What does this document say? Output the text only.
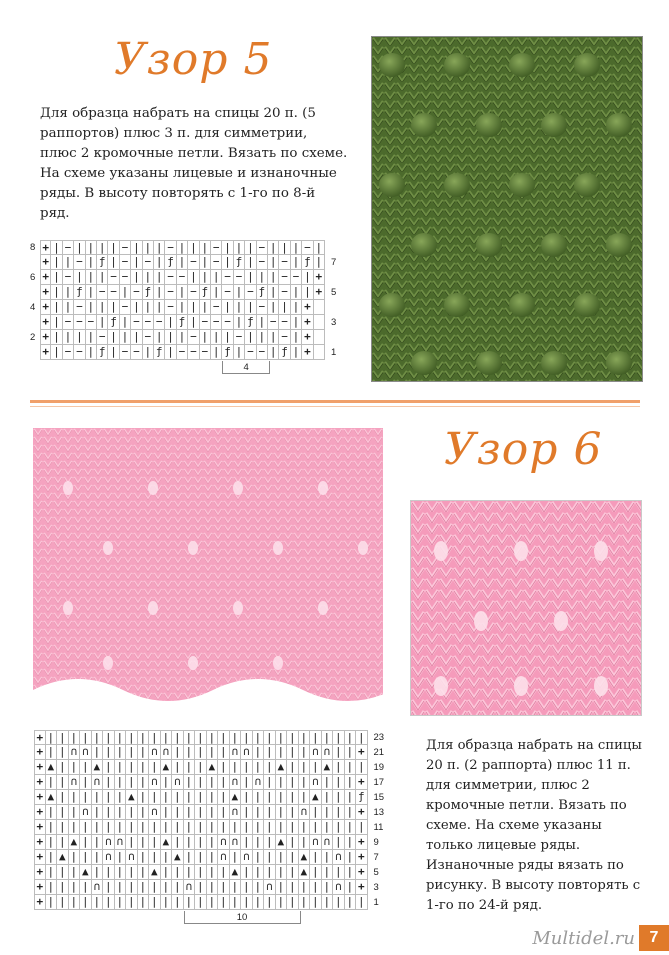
Узор 5
Для образца набрать на спицы 20 п. (5 раппортов) плюс 3 п. для симметрии, плюс 2 кромочные петли. Вязать по схеме. На схеме указаны лицевые и изнаночные ряды. В высоту повторять с 1-го по 8-й ряд.
+ | − | | | | − | | | − | | | − | | | − | | | − |
8
+ | | − | ƒ | − | − | ƒ | − | − | ƒ | − | − | ƒ | 7
+ | − | | | − − | | | − − | | | − − | | | − − | +
6
+ | | ƒ | − − | − ƒ | − | − ƒ | − | − ƒ | − | | + 5
+ | | − | | | − | | | − | | | − | | | − | | | +
4
+ | − − − | ƒ | − − − | ƒ | − − − | ƒ | − − | +	3
+ | | | | − | | | − | | | − | | | − | | | − | +
2
+ | − − | ƒ | − − | ƒ | − − − | ƒ | − − | ƒ | +	1
4
Узор 6
+ | | | | | | | | | | | | | | | | | | | | | | | | | | | | 23
+ | | ∩ ∩ | | | | | ∩ ∩ | | | | | ∩ ∩ | | | | | ∩ ∩ | | + 21
+ ▲ | | | ▲ | | | | | ▲ | | | ▲ | | | | | ▲ | | | ▲ | | | 19
+ | | ∩ | ∩ | | | | ∩ | ∩ | | | | ∩ | ∩ | | | | ∩ | | | + 17
+ ▲ | | | | | | ▲ | | | | | | | | ▲ | | | | | | ▲ | | | ƒ 15
+ | | | ∩ | | | | | ∩ | | | | | | ∩ | | | | | ∩ | | | | + 13
+ | | | | | | | | | | | | | | | | | | | | | | | | | | | | 11
+ | | ▲ | | ∩ ∩ | | | ▲ | | | | ∩ ∩ | | | ▲ | | ∩ ∩ | | + 9
+ | ▲ | | | ∩ | ∩ | | | ▲ | | | ∩ | ∩ | | | | ▲ | | ∩ | + 7
+ | | | ▲ | | | | | ▲ | | | | | | ▲ | | | | | ▲ | | | | + 5
+ | | | | ∩ | | | | | | | ∩ | | | | | | ∩ | | | | | ∩ | + 3
+ | | | | | | | | | | | | | | | | | | | | | | | | | | | | 1
10
Для образца набрать на спицы 20 п. (2 раппорта) плюс 11 п. для симметрии, плюс 2 кромочные петли. Вязать по схеме. На схеме указаны только лицевые ряды. Изнаночные ряды вязать по рисунку. В высоту повторять с 1-го по 24-й ряд.
Multidel.ru 7
